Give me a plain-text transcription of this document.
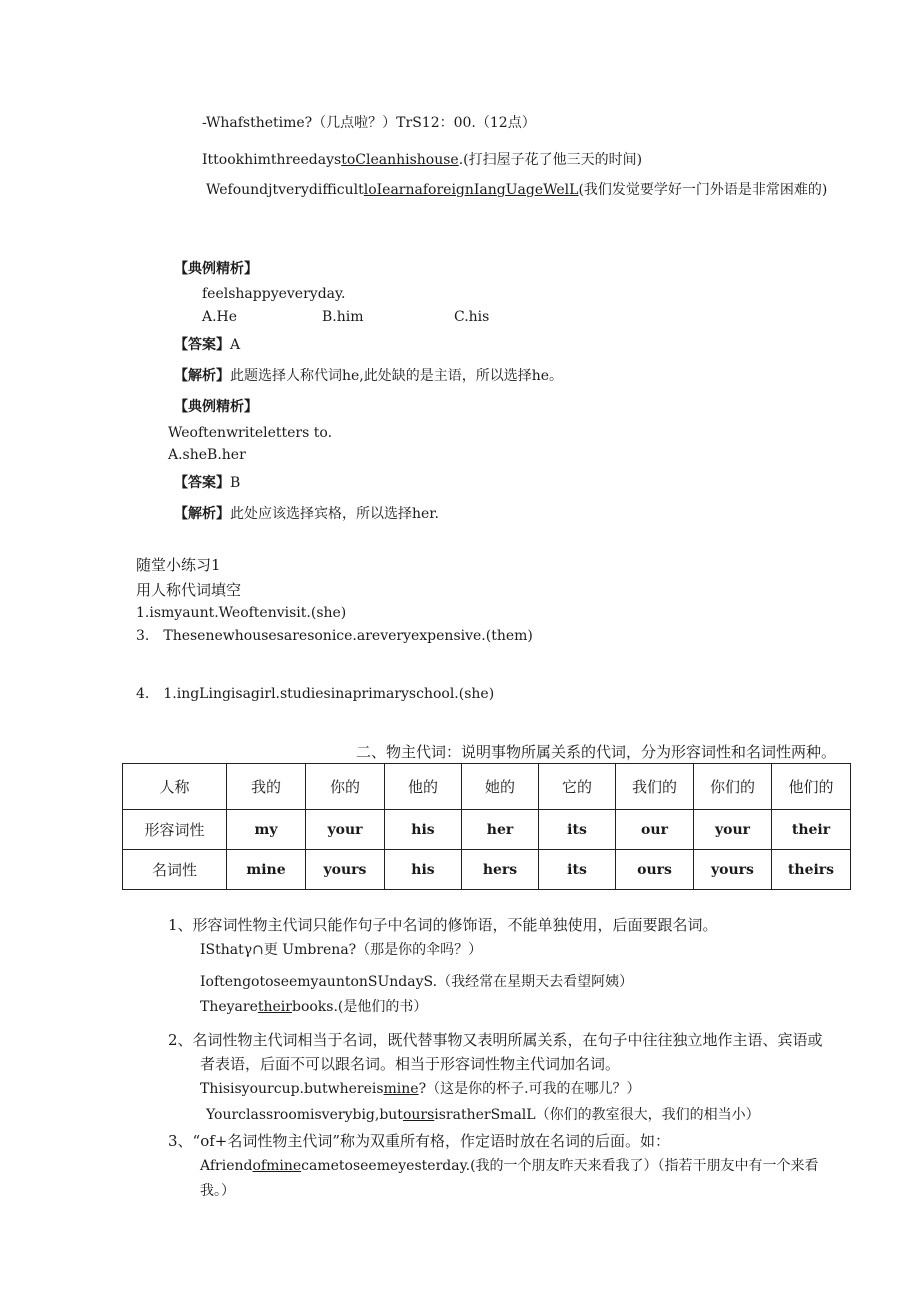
-Whafsthetime?（几点啦？）TrS12：00.（12点）
IttookhimthreedaystoCleanhishouse.(打扫屋子花了他三天的时间)
WefoundjtverydifficultloIearnaforeignIangUageWelL(我们发觉要学好一门外语是非常困难的)
【典例精析】
feelshappyeveryday.
A.He	B.him	C.his
【答案】A
【解析】此题选择人称代词he,此处缺的是主语，所以选择he。
【典例精析】
Weoftenwriteletters to.
A.sheB.her
【答案】B
【解析】此处应该选择宾格，所以选择her.
随堂小练习1
用人称代词填空
1.ismyaunt.Weoftenvisit.(she)
3.　Thesenewhousesaresonice.areveryexpensive.(them)
4.　1.ingLingisagirl.studiesinaprimaryschool.(she)
二、物主代词：说明事物所属关系的代词，分为形容词性和名词性两种。
人称	我的	你的	他的	她的	它的	我们的	你们的	他们的
形容词性	my	your	his	her	its	our	your	their
名词性	mine	yours	his	hers	its	ours	yours	theirs
1、形容词性物主代词只能作句子中名词的修饰语，不能单独使用，后面要跟名词。
ISthatγ∩更 Umbrena?（那是你的伞吗？）
IoftengotoseemyauntonSUndayS.（我经常在星期天去看望阿姨）
Theyaretheirbooks.(是他们的书）
2、名词性物主代词相当于名词，既代替事物又表明所属关系，在句子中往往独立地作主语、宾语或
者表语，后面不可以跟名词。相当于形容词性物主代词加名词。
Thisisyourcup.butwhereismine?（这是你的杯子.可我的在哪儿？）
Yourclassroomisverybig,butoursisratherSmalL（你们的教室很大，我们的相当小）
3、“of+名词性物主代词”称为双重所有格，作定语时放在名词的后面。如：
Afriendofminecametoseemeyesterday.(我的一个朋友昨天来看我了）（指若干朋友中有一个来看
我。）
